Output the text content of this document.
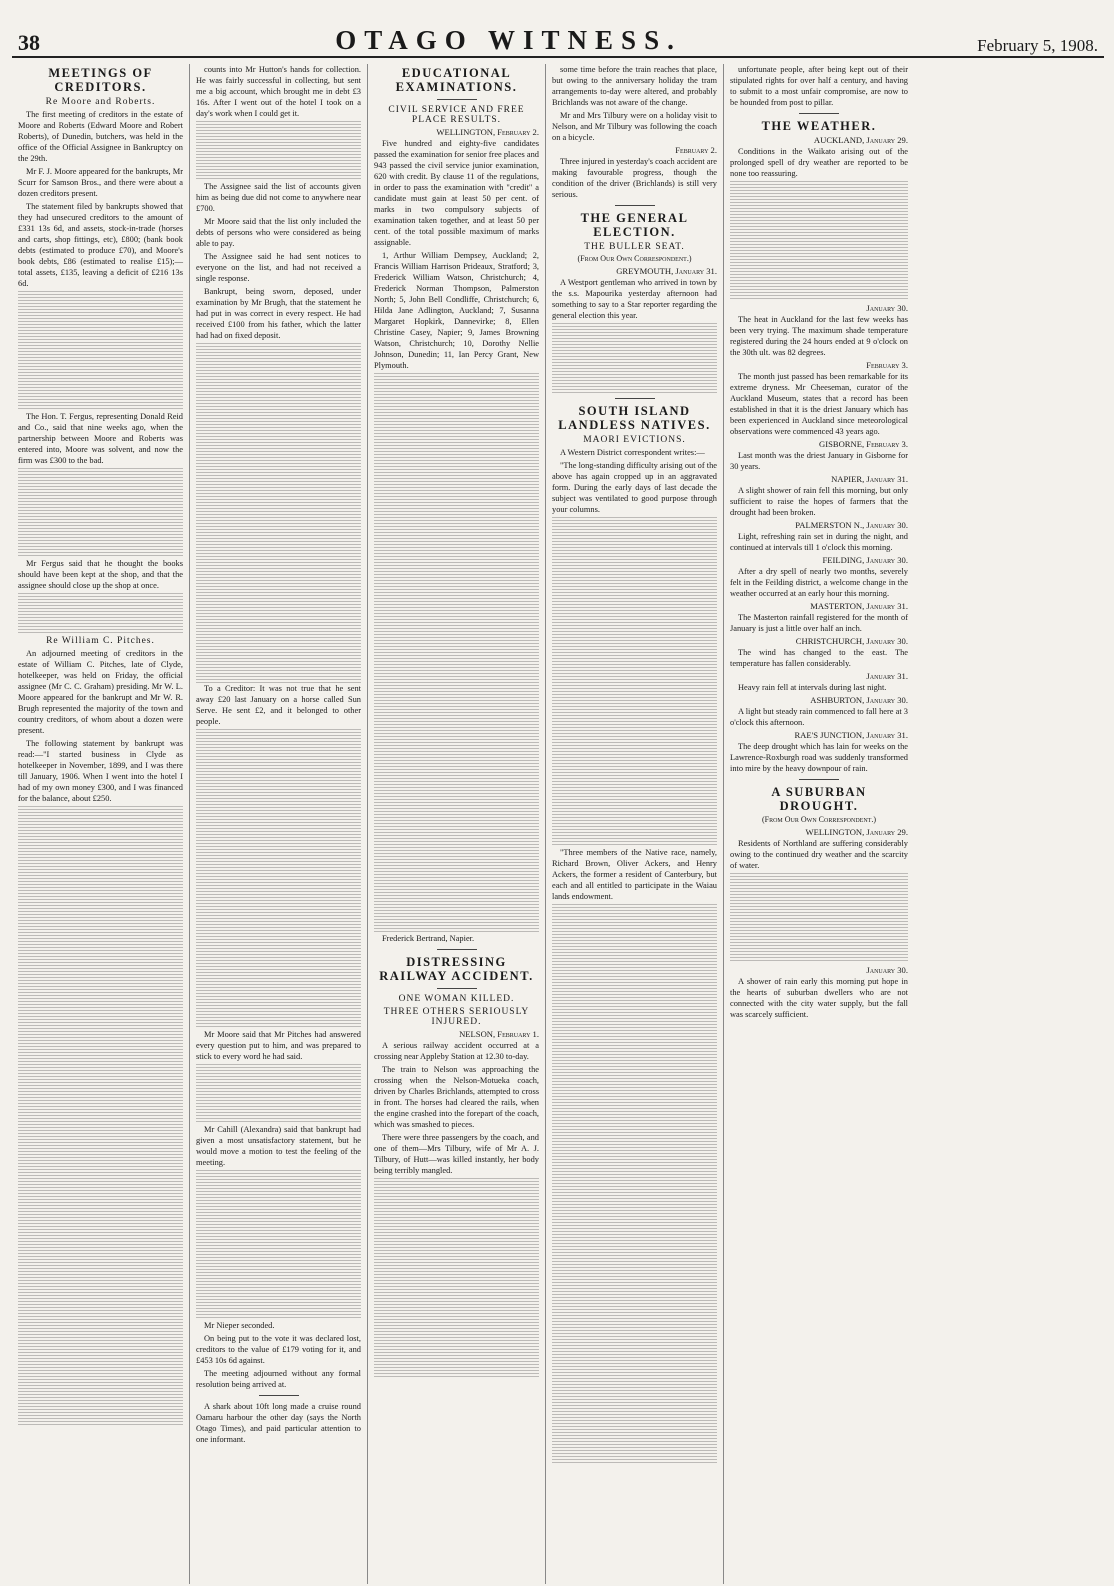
38	OTAGO WITNESS.	February 5, 1908.
MEETINGS OF CREDITORS.
Re Moore and Roberts.

The first meeting of creditors in the estate of Moore and Roberts (Edward Moore and Robert Roberts), of Dunedin, butchers, was held in the office of the Official Assignee in Bankruptcy on the 29th.

Mr F. J. Moore appeared for the bankrupts, Mr Scurr for Samson Bros., and there were about a dozen creditors present.

The statement filed by bankrupts showed that they had unsecured creditors to the amount of £331 13s 6d, and assets, stock-in-trade (horses and carts, shop fittings, etc), £800; (bank book debts (estimated to produce £70), and Moore's book debts, £86 (estimated to realise £15);—total assets, £135, leaving a deficit of £216 13s 6d.

The Hon. T. Fergus, representing Donald Reid and Co., said that nine weeks ago, when the partnership between Moore and Roberts was entered into, Moore was solvent, and now the firm was £300 to the bad.

Mr Fergus said that he thought the books should have been kept at the shop, and that the assignee should close up the shop at once.

Re William C. Pitches.

An adjourned meeting of creditors in the estate of William C. Pitches, late of Clyde, hotelkeeper, was held on Friday, the official assignee (Mr C. C. Graham) presiding. Mr W. L. Moore appeared for the bankrupt and Mr W. R. Brugh represented the majority of the town and country creditors, of whom about a dozen were present.

The following statement by bankrupt was read:—"I started business in Clyde as hotelkeeper in November, 1899, and I was there till January, 1906. When I went into the hotel I had of my own money £300, and I was financed for the balance, about £250.

counts into Mr Hutton's hands for collection. He was fairly successful in collecting, but sent me a big account, which brought me in debt £3 16s. After I went out of the hotel I took on a day's work when I could get it.

The Assignee said the list of accounts given him as being due did not come to anywhere near £700.

Mr Moore said that the list only included the debts of persons who were considered as being able to pay.

The Assignee said he had sent notices to everyone on the list, and had not received a single response.

Bankrupt, being sworn, deposed, under examination by Mr Brugh, that the statement he had put in was correct in every respect. He had received £100 from his father, which the latter had had on fixed deposit.

To a Creditor: It was not true that he sent away £20 last January on a horse called Sun Serve. He sent £2, and it belonged to other people.

Mr Moore said that Mr Pitches had answered every question put to him, and was prepared to stick to every word he had said.

Mr Cahill (Alexandra) said that bankrupt had given a most unsatisfactory statement, but he would move a motion to test the feeling of the meeting.

Mr Nieper seconded.

On being put to the vote it was declared lost, creditors to the value of £179 voting for it, and £453 10s 6d against.

The meeting adjourned without any formal resolution being arrived at.

A shark about 10ft long made a cruise round Oamaru harbour the other day (says the North Otago Times), and paid particular attention to one informant.

EDUCATIONAL EXAMINATIONS.
CIVIL SERVICE AND FREE PLACE RESULTS.
WELLINGTON, February 2.

Five hundred and eighty-five candidates passed the examination for senior free places and 943 passed the civil service junior examination, 620 with credit. By clause 11 of the regulations, in order to pass the examination with "credit" a candidate must gain at least 50 per cent. of marks in two compulsory subjects of examination taken together, and at least 50 per cent. of the total possible maximum of marks assignable.

1, Arthur William Dempsey, Auckland; 2, Francis William Harrison Prideaux, Stratford; 3, Frederick William Watson, Christchurch; 4, Frederick Norman Thompson, Palmerston North; 5, John Bell Condliffe, Christchurch; 6, Hilda Jane Adlington, Auckland; 7, Susanna Margaret Hopkirk, Dannevirke; 8, Ellen Christine Casey, Napier; 9, James Browning Watson, Christchurch; 10, Dorothy Nellie Johnson, Dunedin; 11, Ian Percy Grant, New Plymouth.

Frederick Bertrand, Napier.

DISTRESSING RAILWAY ACCIDENT.
ONE WOMAN KILLED.
THREE OTHERS SERIOUSLY INJURED.
NELSON, February 1.

A serious railway accident occurred at a crossing near Appleby Station at 12.30 to-day.

The train to Nelson was approaching the crossing when the Nelson-Motueka coach, driven by Charles Brichlands, attempted to cross in front. The horses had cleared the rails, when the engine crashed into the forepart of the coach, which was smashed to pieces.

There were three passengers by the coach, and one of them—Mrs Tilbury, wife of Mr A. J. Tilbury, of Hutt—was killed instantly, her body being terribly mangled.

some time before the train reaches that place, but owing to the anniversary holiday the tram arrangements to-day were altered, and probably Brichlands was not aware of the change.

Mr and Mrs Tilbury were on a holiday visit to Nelson, and Mr Tilbury was following the coach on a bicycle.

February 2.

Three injured in yesterday's coach accident are making favourable progress, though the condition of the driver (Brichlands) is still very serious.

THE GENERAL ELECTION.
THE BULLER SEAT.
(From Our Own Correspondent.)
GREYMOUTH, January 31.

A Westport gentleman who arrived in town by the s.s. Mapourika yesterday afternoon had something to say to a Star reporter regarding the general election this year.

SOUTH ISLAND LANDLESS NATIVES.
MAORI EVICTIONS.

A Western District correspondent writes:—

"The long-standing difficulty arising out of the above has again cropped up in an aggravated form. During the early days of last decade the subject was ventilated to good purpose through your columns.

"Three members of the Native race, namely, Richard Brown, Oliver Ackers, and Henry Ackers, the former a resident of Canterbury, but each and all entitled to participate in the Waiau lands endowment.

unfortunate people, after being kept out of their stipulated rights for over half a century, and having to submit to a most unfair compromise, are now to be hounded from post to pillar.

THE WEATHER.
AUCKLAND, January 29.

Conditions in the Waikato arising out of the prolonged spell of dry weather are reported to be none too reassuring.

January 30.

The heat in Auckland for the last few weeks has been very trying. The maximum shade temperature registered during the 24 hours ended at 9 o'clock on the 30th ult. was 82 degrees.

February 3.

The month just passed has been remarkable for its extreme dryness. Mr Cheeseman, curator of the Auckland Museum, states that a record has been established in that it is the driest January which has been experienced in Auckland since meteorological observations were commenced 43 years ago.

GISBORNE, February 3.

Last month was the driest January in Gisborne for 30 years.

NAPIER, January 31.

A slight shower of rain fell this morning, but only sufficient to raise the hopes of farmers that the drought had been broken.

PALMERSTON N., January 30.

Light, refreshing rain set in during the night, and continued at intervals till 1 o'clock this morning.

FEILDING, January 30.

After a dry spell of nearly two months, severely felt in the Feilding district, a welcome change in the weather occurred at an early hour this morning.

MASTERTON, January 31.

The Masterton rainfall registered for the month of January is just a little over half an inch.

CHRISTCHURCH, January 30.

The wind has changed to the east. The temperature has fallen considerably.

January 31.

Heavy rain fell at intervals during last night.

ASHBURTON, January 30.

A light but steady rain commenced to fall here at 3 o'clock this afternoon.

RAE'S JUNCTION, January 31.

The deep drought which has lain for weeks on the Lawrence-Roxburgh road was suddenly transformed into mire by the heavy downpour of rain.

A SUBURBAN DROUGHT.
(From Our Own Correspondent.)
WELLINGTON, January 29.

Residents of Northland are suffering considerably owing to the continued dry weather and the scarcity of water.

January 30.

A shower of rain early this morning put hope in the hearts of suburban dwellers who are not connected with the city water supply, but the fall was scarcely sufficient.
